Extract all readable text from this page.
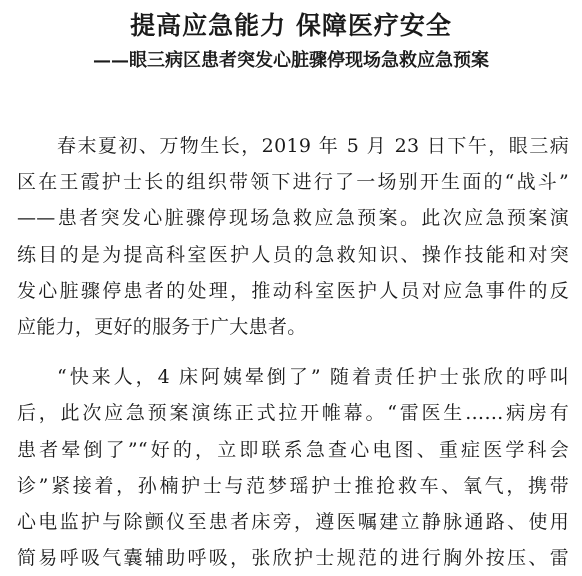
提高应急能力 保障医疗安全
——眼三病区患者突发心脏骤停现场急救应急预案
春末夏初、万物生长，2019 年 5 月 23 日下午，眼三病
区在王霞护士长的组织带领下进行了一场别开生面的“战斗”
——患者突发心脏骤停现场急救应急预案。此次应急预案演
练目的是为提高科室医护人员的急救知识、操作技能和对突
发心脏骤停患者的处理，推动科室医护人员对应急事件的反
应能力，更好的服务于广大患者。
“快来人，4 床阿姨晕倒了” 随着责任护士张欣的呼叫
后，此次应急预案演练正式拉开帷幕。“雷医生……病房有
患者晕倒了”“好的，立即联系急查心电图、重症医学科会
诊”紧接着，孙楠护士与范梦瑶护士推抢救车、氧气，携带
心电监护与除颤仪至患者床旁，遵医嘱建立静脉通路、使用
简易呼吸气囊辅助呼吸，张欣护士规范的进行胸外按压、雷
